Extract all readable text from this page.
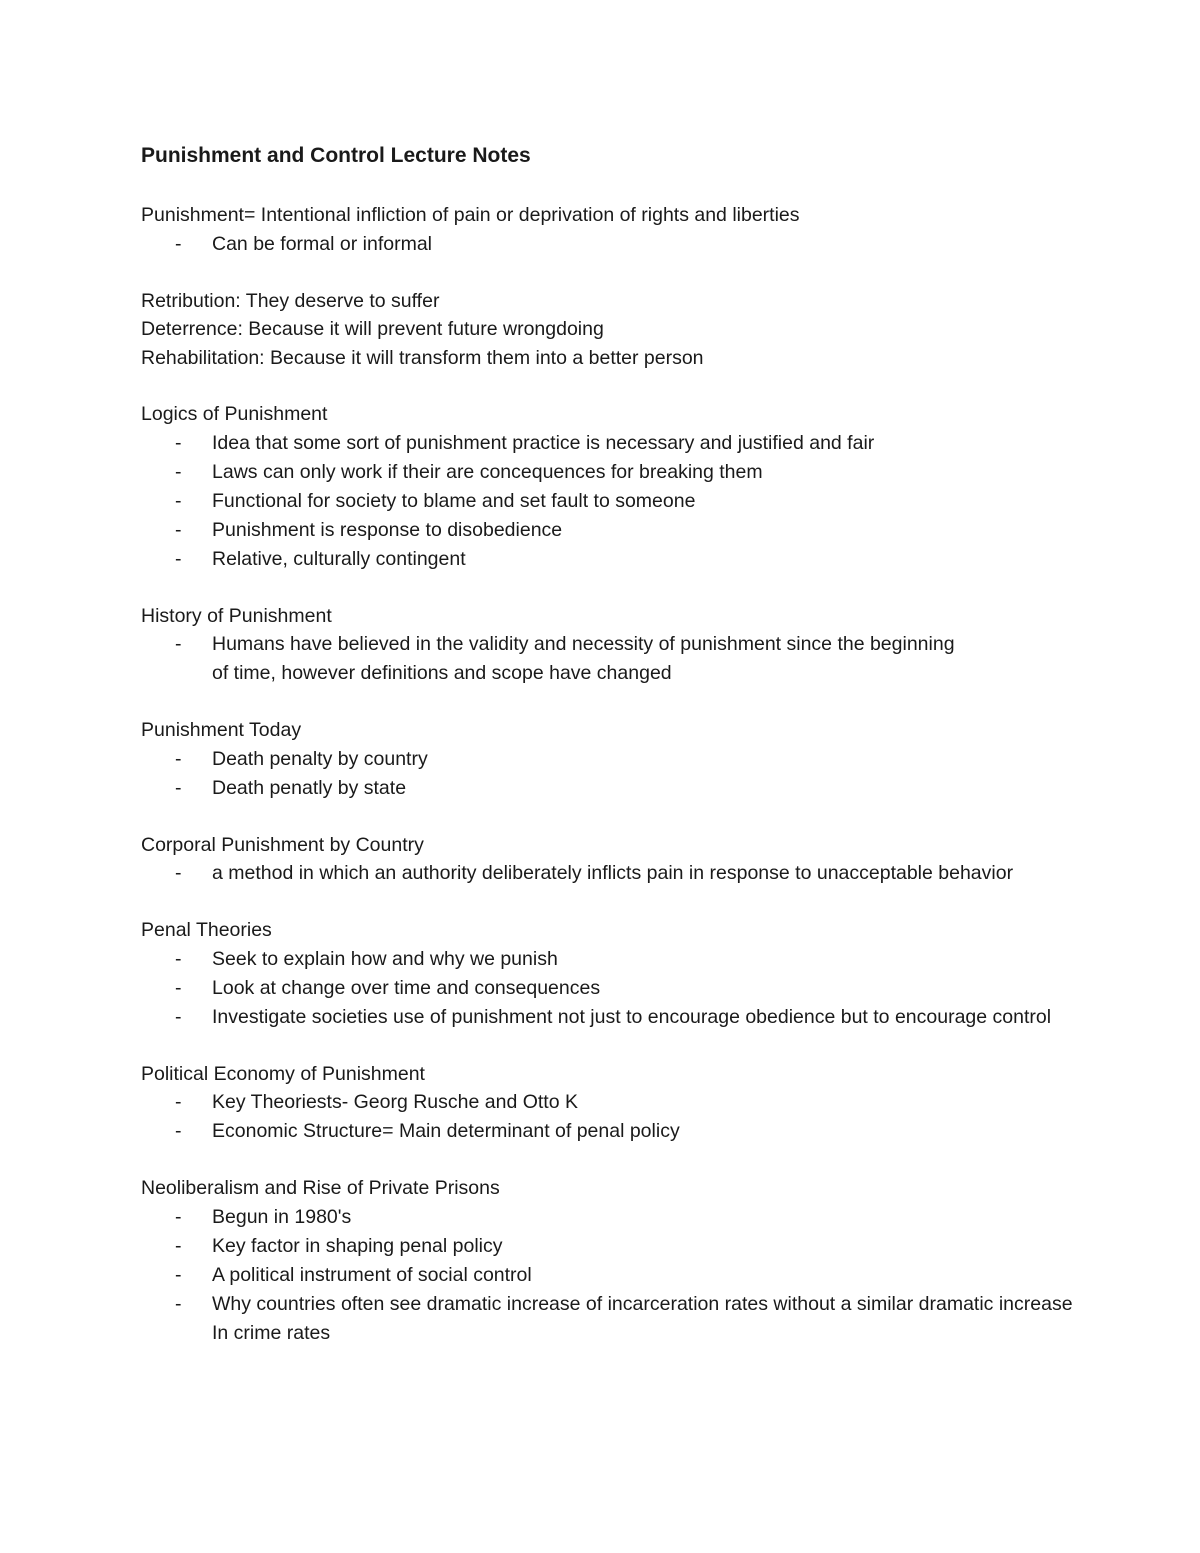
Punishment and Control Lecture Notes
Punishment= Intentional infliction of pain or deprivation of rights and liberties
- Can be formal or informal
Retribution: They deserve to suffer
Deterrence: Because it will prevent future wrongdoing
Rehabilitation: Because it will transform them into a better person
Logics of Punishment
- Idea that some sort of punishment practice is necessary and justified and fair
- Laws can only work if their are concequences for breaking them
- Functional for society to blame and set fault to someone
- Punishment is response to disobedience
- Relative, culturally contingent
History of Punishment
- Humans have believed in the validity and necessity of punishment since the beginning
of time, however definitions and scope have changed
Punishment Today
- Death penalty by country
- Death penatly by state
Corporal Punishment by Country
- a method in which an authority deliberately inflicts pain in response to unacceptable behavior
Penal Theories
- Seek to explain how and why we punish
- Look at change over time and consequences
- Investigate societies use of punishment not just to encourage obedience but to encourage control
Political Economy of Punishment
- Key Theoriests- Georg Rusche and Otto K
- Economic Structure= Main determinant of penal policy
Neoliberalism and Rise of Private Prisons
- Begun in 1980's
- Key factor in shaping penal policy
- A political instrument of social control
- Why countries often see dramatic increase of incarceration rates without a similar dramatic increase
In crime rates
